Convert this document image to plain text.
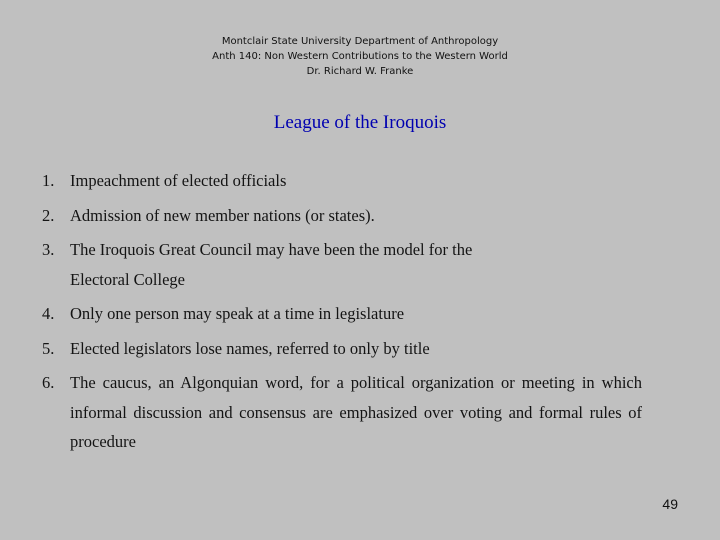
Montclair State University Department of Anthropology
Anth 140: Non Western Contributions to the Western World
Dr. Richard W. Franke
League of the Iroquois
1. Impeachment of elected officials
2. Admission of new member nations (or states).
3. The Iroquois Great Council may have been the model for the Electoral College
4. Only one person may speak at a time in legislature
5. Elected legislators lose names, referred to only by title
6. The caucus, an Algonquian word, for a political organization or meeting in which informal discussion and consensus are emphasized over voting and formal rules of procedure
49
